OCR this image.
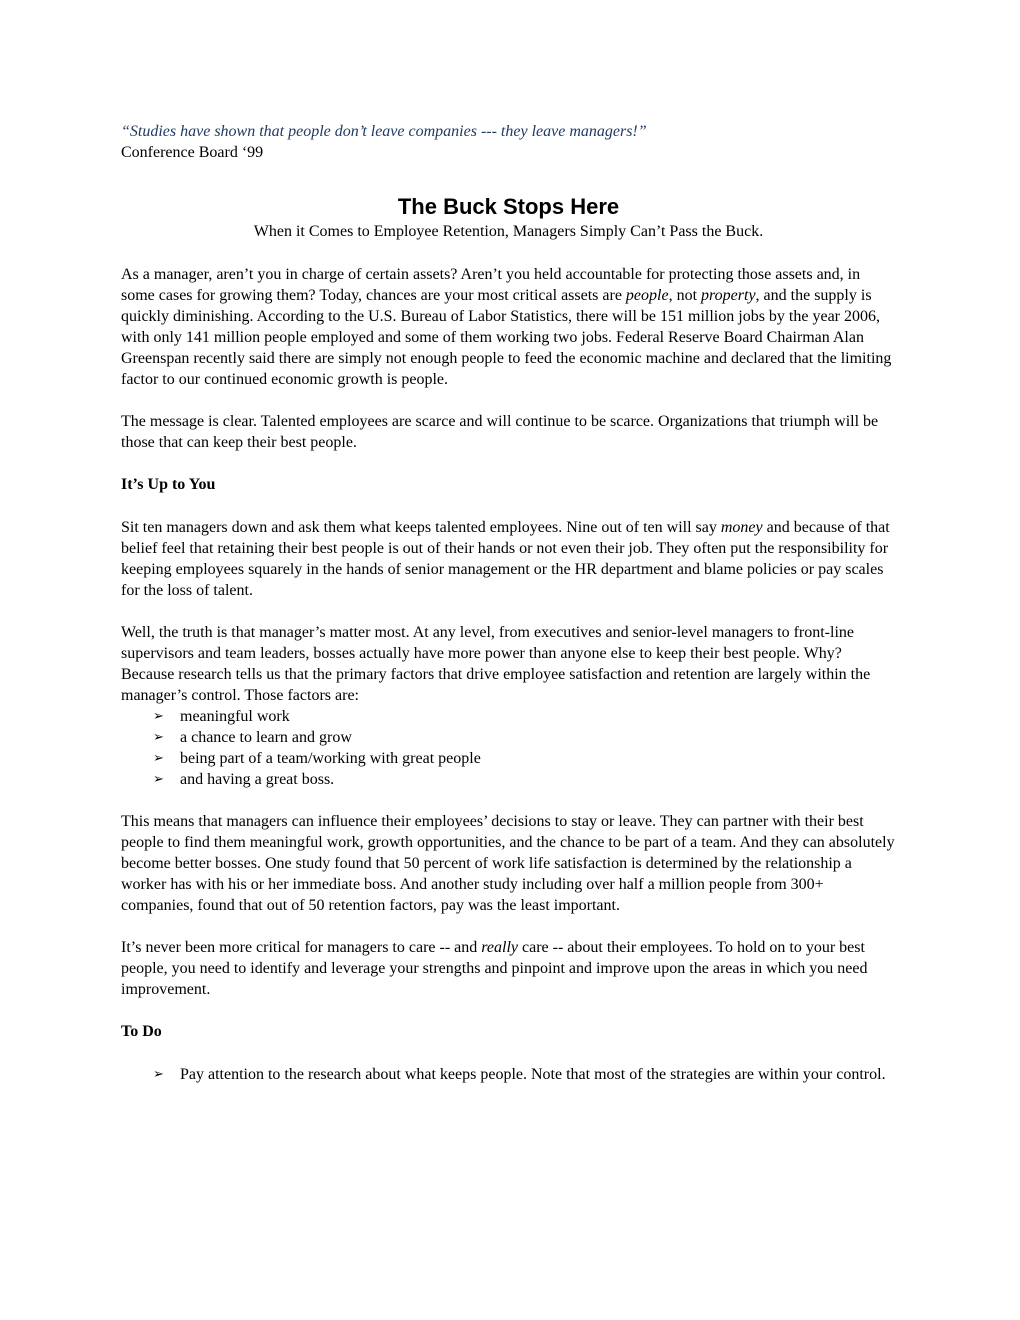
“Studies have shown that people don’t leave companies --- they leave managers!”

Conference Board ‘99

The Buck Stops Here
When it Comes to Employee Retention, Managers Simply Can’t Pass the Buck.

As a manager, aren’t you in charge of certain assets? Aren’t you held accountable for protecting those assets and, in some cases for growing them? Today, chances are your most critical assets are people, not property, and the supply is quickly diminishing. According to the U.S. Bureau of Labor Statistics, there will be 151 million jobs by the year 2006, with only 141 million people employed and some of them working two jobs. Federal Reserve Board Chairman Alan Greenspan recently said there are simply not enough people to feed the economic machine and declared that the limiting factor to our continued economic growth is people.

The message is clear. Talented employees are scarce and will continue to be scarce. Organizations that triumph will be those that can keep their best people.

It’s Up to You

Sit ten managers down and ask them what keeps talented employees. Nine out of ten will say money and because of that belief feel that retaining their best people is out of their hands or not even their job. They often put the responsibility for keeping employees squarely in the hands of senior management or the HR department and blame policies or pay scales for the loss of talent.

Well, the truth is that manager’s matter most. At any level, from executives and senior-level managers to front-line supervisors and team leaders, bosses actually have more power than anyone else to keep their best people. Why? Because research tells us that the primary factors that drive employee satisfaction and retention are largely within the manager’s control. Those factors are:

➢ meaningful work
➢ a chance to learn and grow
➢ being part of a team/working with great people
➢ and having a great boss.

This means that managers can influence their employees’ decisions to stay or leave. They can partner with their best people to find them meaningful work, growth opportunities, and the chance to be part of a team. And they can absolutely become better bosses. One study found that 50 percent of work life satisfaction is determined by the relationship a worker has with his or her immediate boss. And another study including over half a million people from 300+ companies, found that out of 50 retention factors, pay was the least important.

It’s never been more critical for managers to care -- and really care -- about their employees. To hold on to your best people, you need to identify and leverage your strengths and pinpoint and improve upon the areas in which you need improvement.

To Do
➢ Pay attention to the research about what keeps people. Note that most of the strategies are within your control.
